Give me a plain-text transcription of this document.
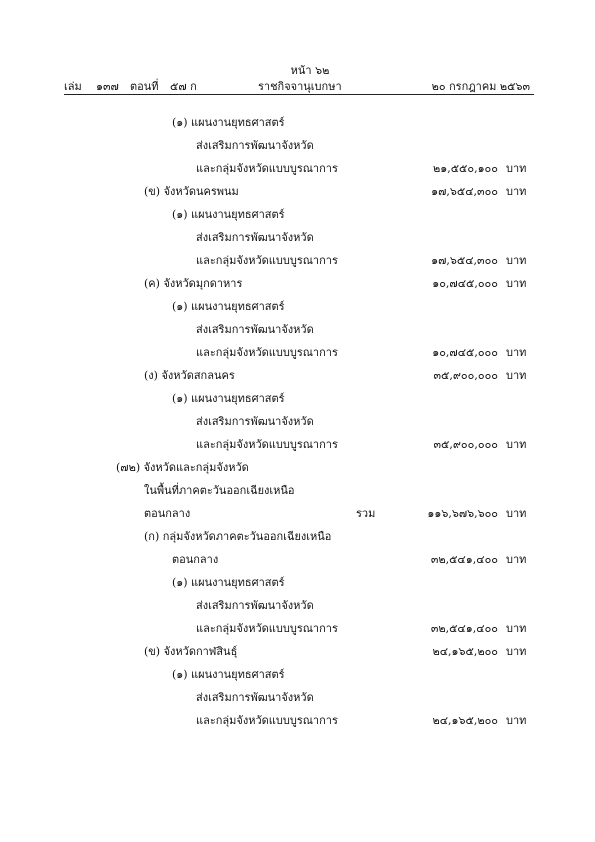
หน้า ๖๒
เล่ม ๑๓๗ ตอนที่ ๕๗ ก	ราชกิจจานุเบกษา	๒๐ กรกฎาคม ๒๕๖๓
(๑) แผนงานยุทธศาสตร์
ส่งเสริมการพัฒนาจังหวัด
และกลุ่มจังหวัดแบบบูรณาการ	๒๑,๕๕๐,๑๐๐ บาท
(ข) จังหวัดนครพนม	๑๗,๖๕๔,๓๐๐ บาท
(๑) แผนงานยุทธศาสตร์
ส่งเสริมการพัฒนาจังหวัด
และกลุ่มจังหวัดแบบบูรณาการ	๑๗,๖๕๔,๓๐๐ บาท
(ค) จังหวัดมุกดาหาร	๑๐,๗๔๕,๐๐๐ บาท
(๑) แผนงานยุทธศาสตร์
ส่งเสริมการพัฒนาจังหวัด
และกลุ่มจังหวัดแบบบูรณาการ	๑๐,๗๔๕,๐๐๐ บาท
(ง) จังหวัดสกลนคร	๓๕,๙๐๐,๐๐๐ บาท
(๑) แผนงานยุทธศาสตร์
ส่งเสริมการพัฒนาจังหวัด
และกลุ่มจังหวัดแบบบูรณาการ	๓๕,๙๐๐,๐๐๐ บาท
(๗๒) จังหวัดและกลุ่มจังหวัด
ในพื้นที่ภาคตะวันออกเฉียงเหนือ
ตอนกลาง	รวม	๑๑๖,๖๗๖,๖๐๐ บาท
(ก) กลุ่มจังหวัดภาคตะวันออกเฉียงเหนือ
ตอนกลาง	๓๒,๕๔๑,๔๐๐ บาท
(๑) แผนงานยุทธศาสตร์
ส่งเสริมการพัฒนาจังหวัด
และกลุ่มจังหวัดแบบบูรณาการ	๓๒,๕๔๑,๔๐๐ บาท
(ข) จังหวัดกาฬสินธุ์	๒๔,๑๖๕,๒๐๐ บาท
(๑) แผนงานยุทธศาสตร์
ส่งเสริมการพัฒนาจังหวัด
และกลุ่มจังหวัดแบบบูรณาการ	๒๔,๑๖๕,๒๐๐ บาท
